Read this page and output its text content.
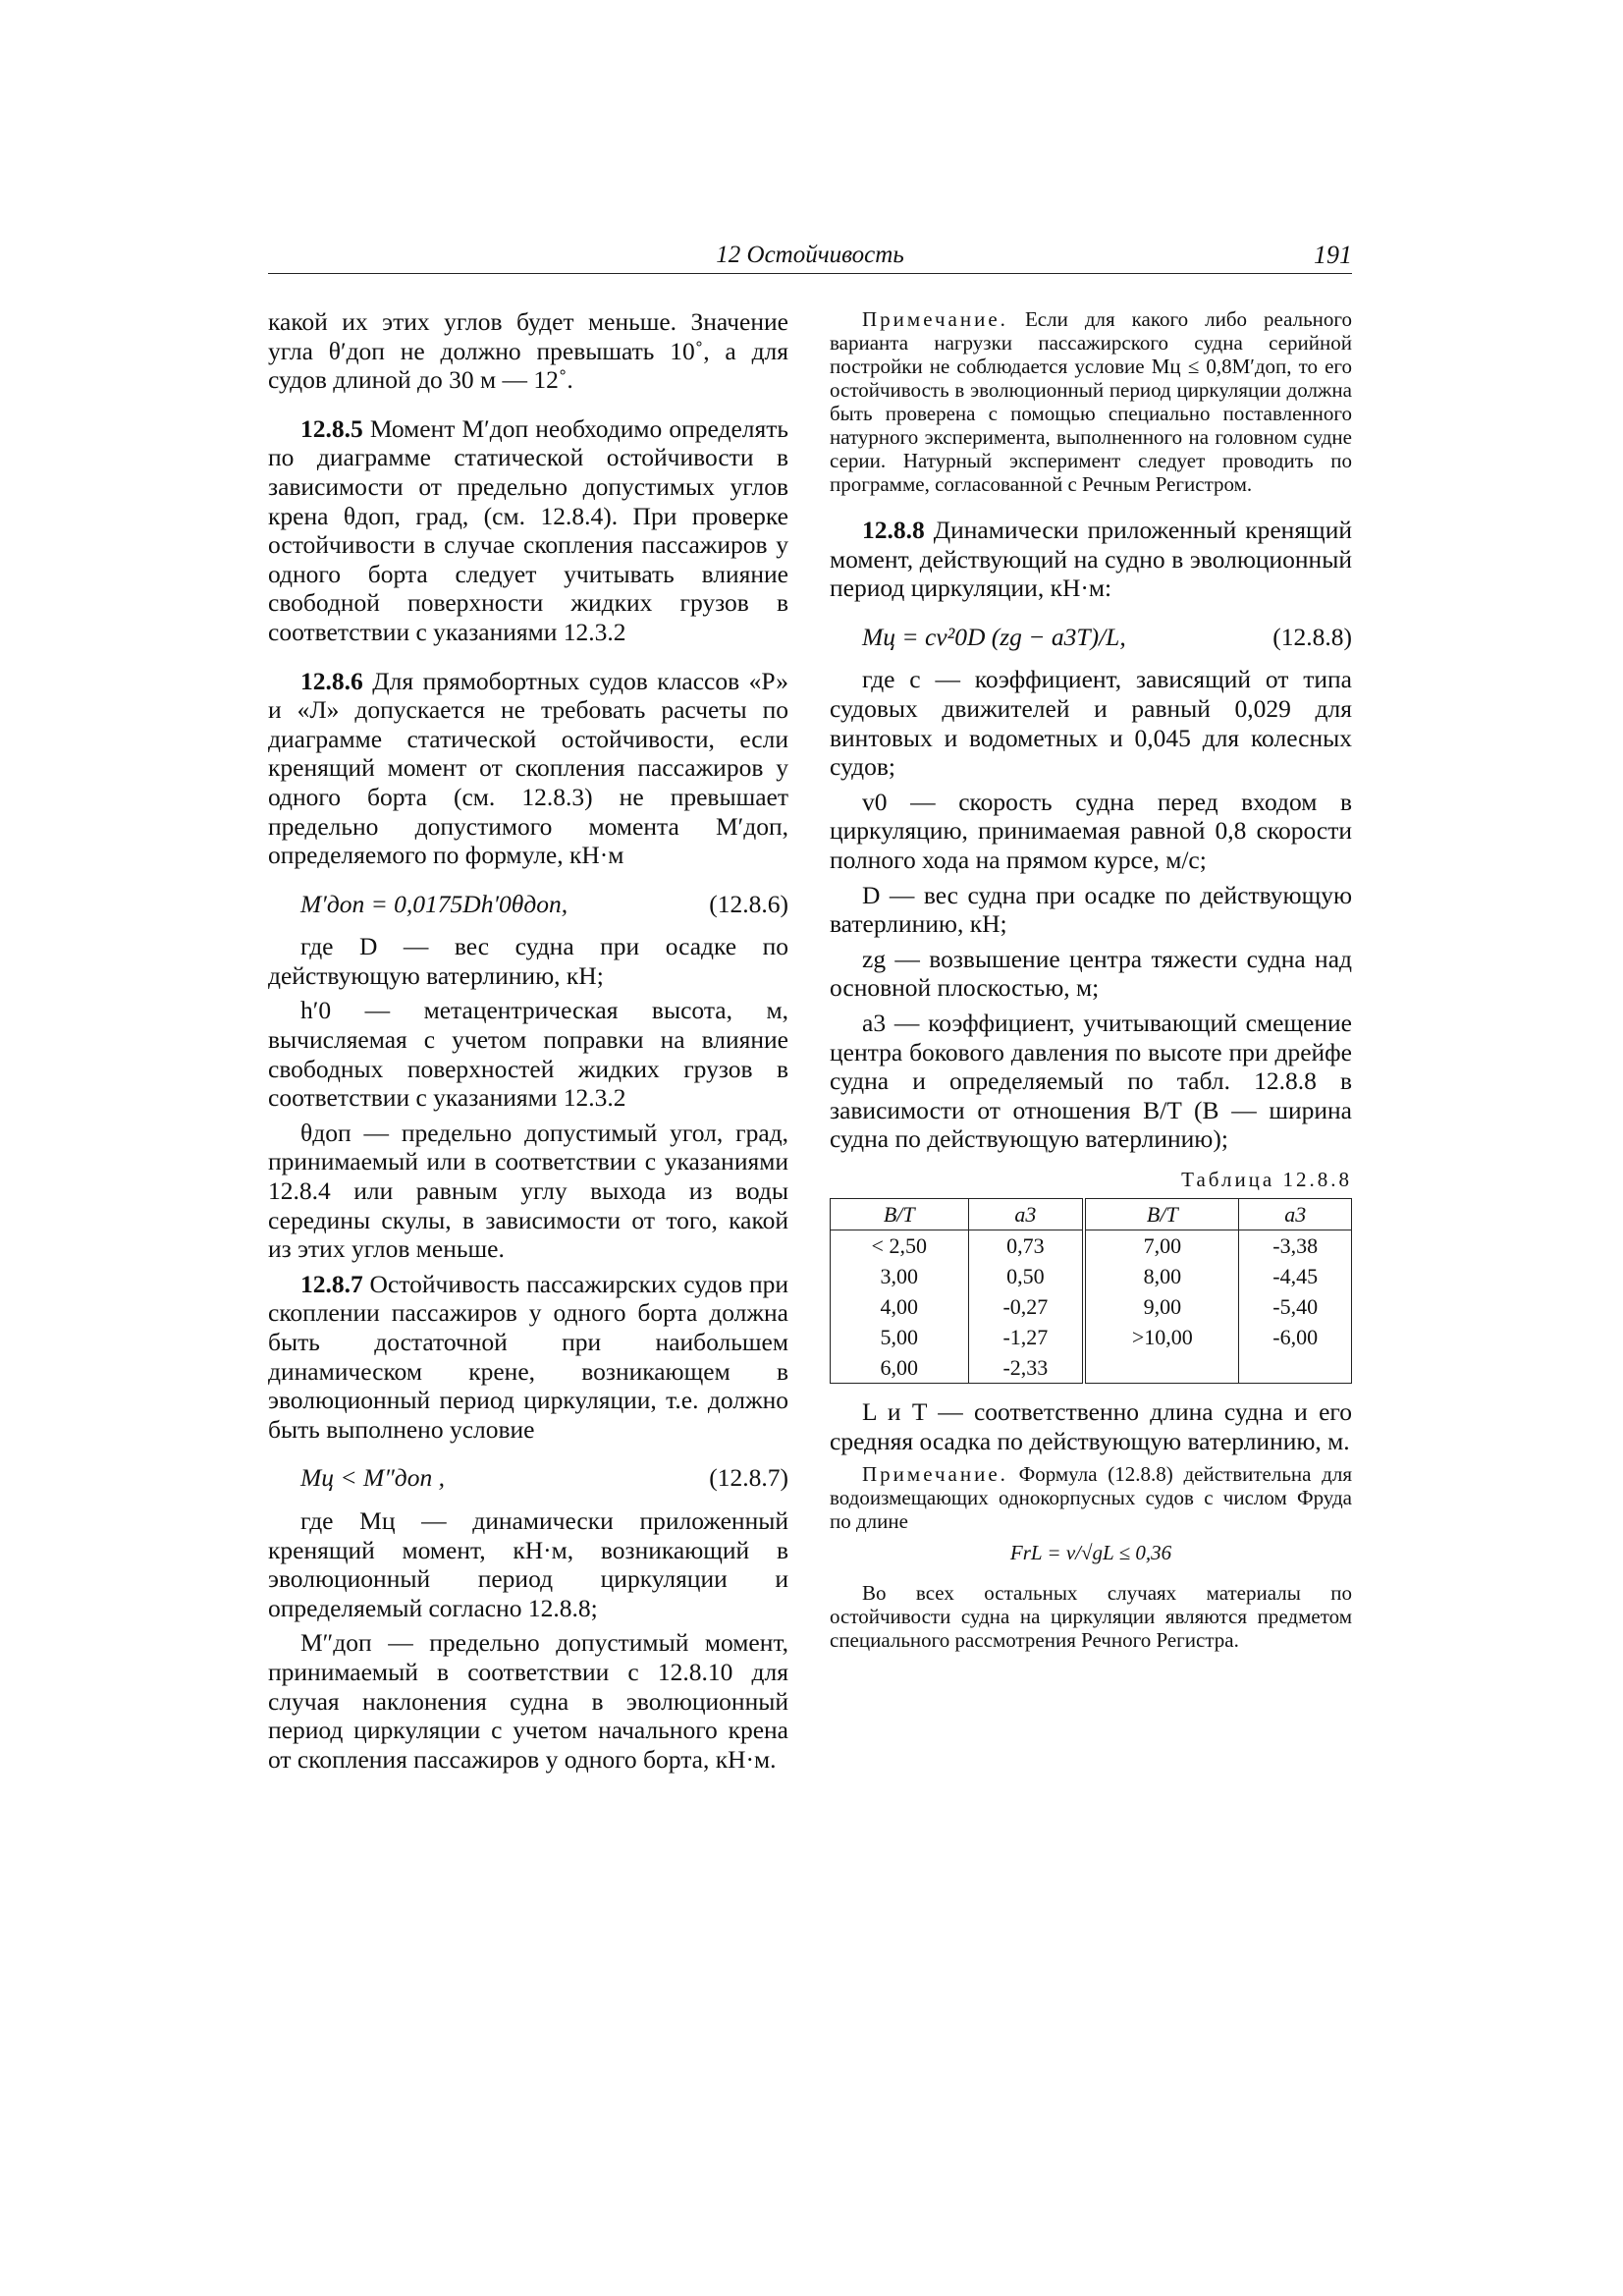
12 Остойчивость	191

какой их этих углов будет меньше. Значение угла θ′доп не должно превышать 10˚, а для судов длиной до 30 м — 12˚.

12.8.5 Момент M′доп необходимо определять по диаграмме статической остойчивости в зависимости от предельно допустимых углов крена θдоп, град, (см. 12.8.4). При проверке остойчивости в случае скопления пассажиров у одного борта следует учитывать влияние свободной поверхности жидких грузов в соответствии с указаниями 12.3.2

12.8.6 Для прямобортных судов классов «Р» и «Л» допускается не требовать расчеты по диаграмме статической остойчивости, если кренящий момент от скопления пассажиров у одного борта (см. 12.8.3) не превышает предельно допустимого момента M′доп, определяемого по формуле, кН·м

M′доп = 0,0175Dh′0θдоп,	(12.8.6)

где D — вес судна при осадке по действующую ватерлинию, кН;

h′0 — метацентрическая высота, м, вычисляемая с учетом поправки на влияние свободных поверхностей жидких грузов в соответствии с указаниями 12.3.2

θдоп — предельно допустимый угол, град, принимаемый или в соответствии с указаниями 12.8.4 или равным углу выхода из воды середины скулы, в зависимости от того, какой из этих углов меньше.

12.8.7 Остойчивость пассажирских судов при скоплении пассажиров у одного борта должна быть достаточной при наибольшем динамическом крене, возникающем в эволюционный период циркуляции, т.е. должно быть выполнено условие

Mц < M″доп ,	(12.8.7)

где Mц — динамически приложенный кренящий момент, кН·м, возникающий в эволюционный период циркуляции и определяемый согласно 12.8.8;

M″доп — предельно допустимый момент, принимаемый в соответствии с 12.8.10 для случая наклонения судна в эволюционный период циркуляции с учетом начального крена от скопления пассажиров у одного борта, кН·м.

Примечание. Если для какого либо реального варианта нагрузки пассажирского судна серийной постройки не соблюдается условие Mц ≤ 0,8M′доп, то его остойчивость в эволюционный период циркуляции должна быть проверена с помощью специально поставленного натурного эксперимента, выполненного на головном судне серии. Натурный эксперимент следует проводить по программе, согласованной с Речным Регистром.

12.8.8 Динамически приложенный кренящий момент, действующий на судно в эволюционный период циркуляции, кН·м:

Mц = cv²0D (zg − a3T)/L,	(12.8.8)

где c — коэффициент, зависящий от типа судовых движителей и равный 0,029 для винтовых и водометных и 0,045 для колесных судов;

v0 — скорость судна перед входом в циркуляцию, принимаемая равной 0,8 скорости полного хода на прямом курсе, м/с;

D — вес судна при осадке по действующую ватерлинию, кН;

zg — возвышение центра тяжести судна над основной плоскостью, м;

a3 — коэффициент, учитывающий смещение центра бокового давления по высоте при дрейфе судна и определяемый по табл. 12.8.8 в зависимости от отношения B/T (B — ширина судна по действующую ватерлинию);

Таблица 12.8.8

B/T	a3	B/T	a3
< 2,50	0,73	7,00	-3,38
3,00	0,50	8,00	-4,45
4,00	-0,27	9,00	-5,40
5,00	-1,27	>10,00	-6,00
6,00	-2,33		

L и T — соответственно длина судна и его средняя осадка по действующую ватерлинию, м.

Примечание. Формула (12.8.8) действительна для водоизмещающих однокорпусных судов с числом Фруда по длине

FrL = v/√gL ≤ 0,36

Во всех остальных случаях материалы по остойчивости судна на циркуляции являются предметом специального рассмотрения Речного Регистра.
